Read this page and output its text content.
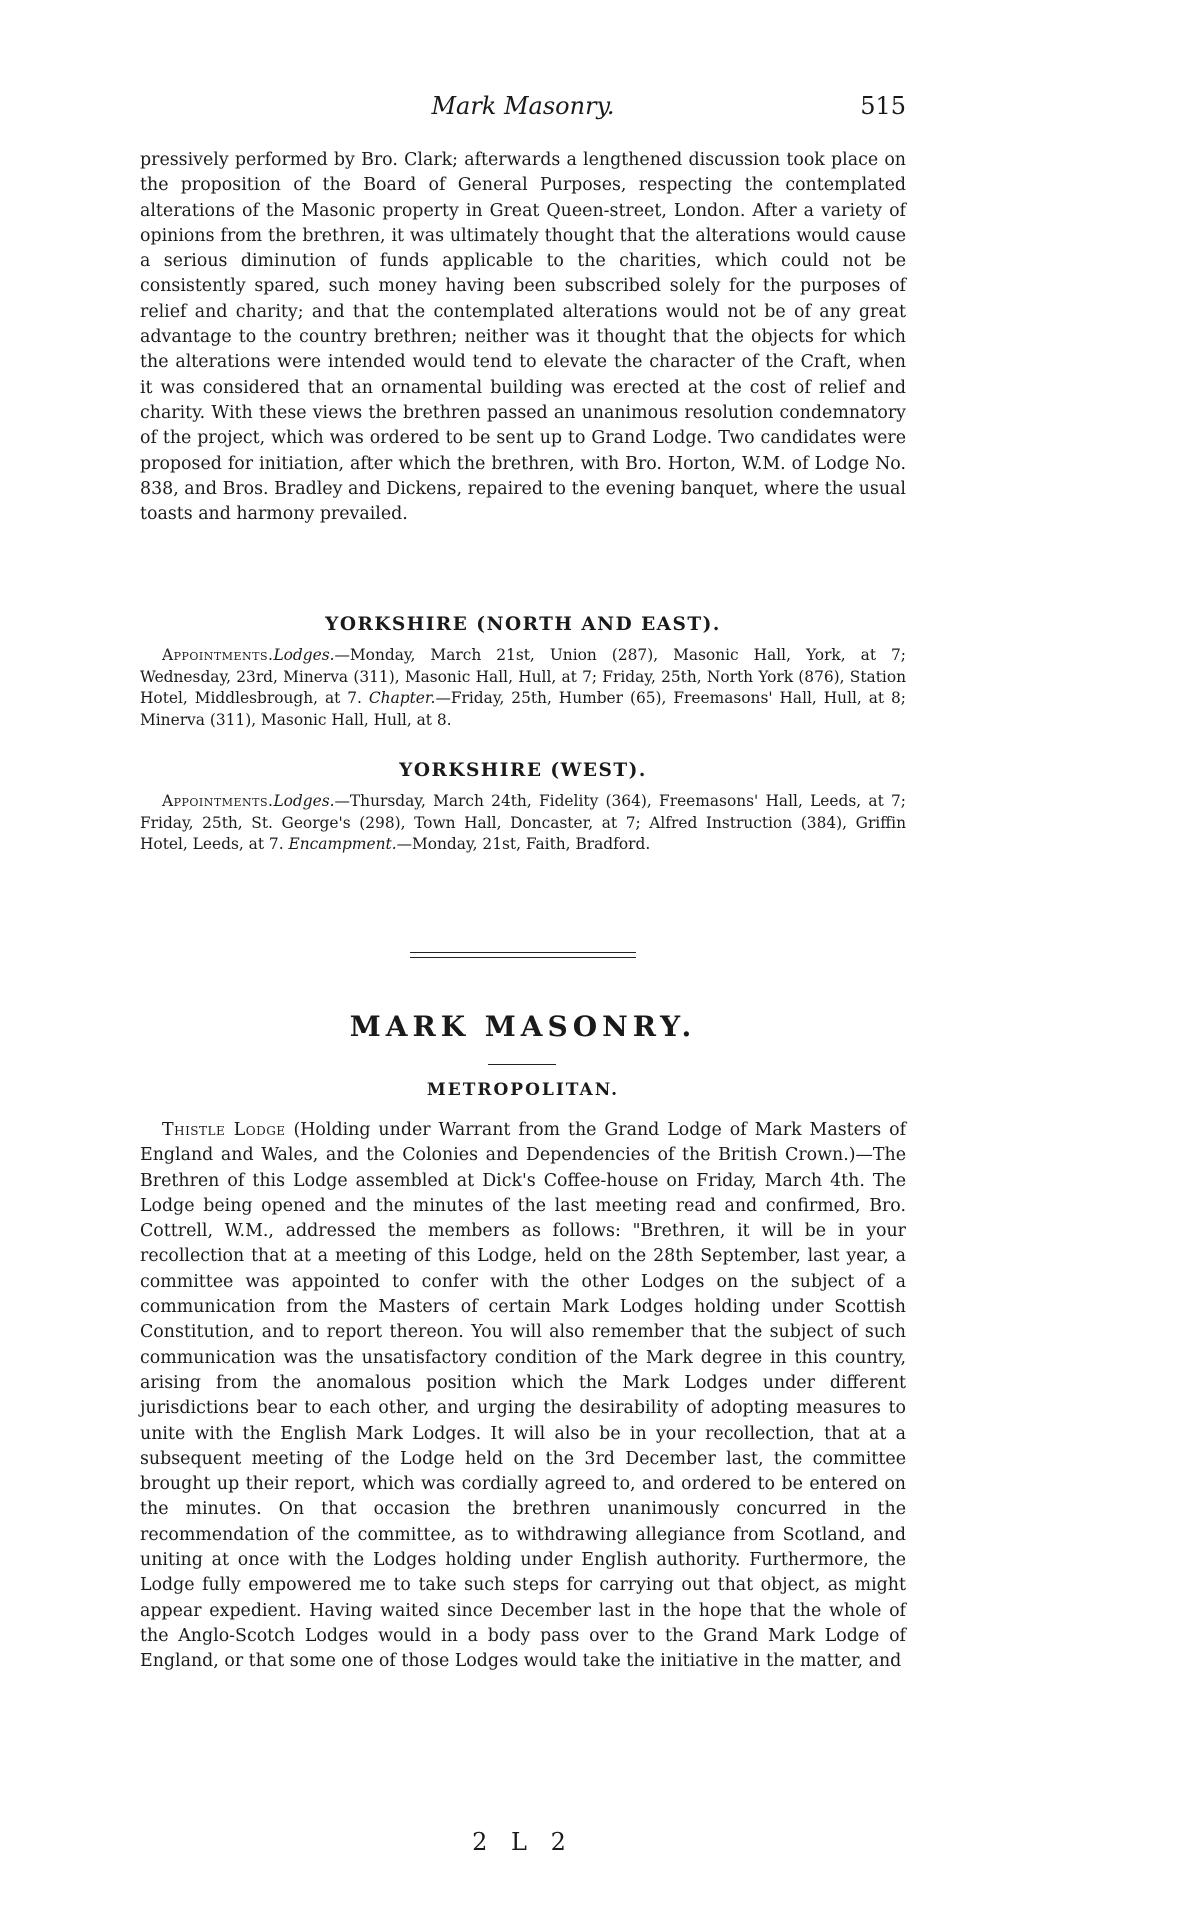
Mark Masonry.	515

pressively performed by Bro. Clark; afterwards a lengthened discussion took place on the proposition of the Board of General Purposes, respecting the contemplated alterations of the Masonic property in Great Queen-street, London. After a variety of opinions from the brethren, it was ultimately thought that the alterations would cause a serious diminution of funds applicable to the charities, which could not be consistently spared, such money having been subscribed solely for the purposes of relief and charity; and that the contemplated alterations would not be of any great advantage to the country brethren; neither was it thought that the objects for which the alterations were intended would tend to elevate the character of the Craft, when it was considered that an ornamental building was erected at the cost of relief and charity. With these views the brethren passed an unanimous resolution condemnatory of the project, which was ordered to be sent up to Grand Lodge. Two candidates were proposed for initiation, after which the brethren, with Bro. Horton, W.M. of Lodge No. 838, and Bros. Bradley and Dickens, repaired to the evening banquet, where the usual toasts and harmony prevailed.

YORKSHIRE (NORTH AND EAST).

Appointments.Lodges.—Monday, March 21st, Union (287), Masonic Hall, York, at 7; Wednesday, 23rd, Minerva (311), Masonic Hall, Hull, at 7; Friday, 25th, North York (876), Station Hotel, Middlesbrough, at 7. Chapter.—Friday, 25th, Humber (65), Freemasons' Hall, Hull, at 8; Minerva (311), Masonic Hall, Hull, at 8.

YORKSHIRE (WEST).

Appointments.Lodges.—Thursday, March 24th, Fidelity (364), Freemasons' Hall, Leeds, at 7; Friday, 25th, St. George's (298), Town Hall, Doncaster, at 7; Alfred Instruction (384), Griffin Hotel, Leeds, at 7. Encampment.—Monday, 21st, Faith, Bradford.

MARK MASONRY.
METROPOLITAN.

Thistle Lodge (Holding under Warrant from the Grand Lodge of Mark Masters of England and Wales, and the Colonies and Dependencies of the British Crown.)—The Brethren of this Lodge assembled at Dick's Coffee-house on Friday, March 4th. The Lodge being opened and the minutes of the last meeting read and confirmed, Bro. Cottrell, W.M., addressed the members as follows: "Brethren, it will be in your recollection that at a meeting of this Lodge, held on the 28th September, last year, a committee was appointed to confer with the other Lodges on the subject of a communication from the Masters of certain Mark Lodges holding under Scottish Constitution, and to report thereon. You will also remember that the subject of such communication was the unsatisfactory condition of the Mark degree in this country, arising from the anomalous position which the Mark Lodges under different jurisdictions bear to each other, and urging the desirability of adopting measures to unite with the English Mark Lodges. It will also be in your recollection, that at a subsequent meeting of the Lodge held on the 3rd December last, the committee brought up their report, which was cordially agreed to, and ordered to be entered on the minutes. On that occasion the brethren unanimously concurred in the recommendation of the committee, as to withdrawing allegiance from Scotland, and uniting at once with the Lodges holding under English authority. Furthermore, the Lodge fully empowered me to take such steps for carrying out that object, as might appear expedient. Having waited since December last in the hope that the whole of the Anglo-Scotch Lodges would in a body pass over to the Grand Mark Lodge of England, or that some one of those Lodges would take the initiative in the matter, and

2 L 2
